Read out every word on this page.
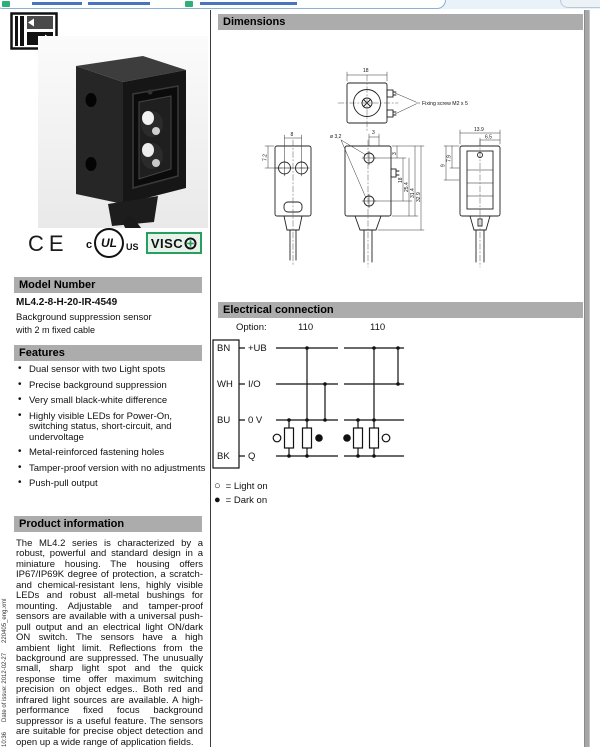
CE c UL US VISC
Model Number
ML4.2-8-H-20-IR-4549
Background suppression sensor
with 2 m fixed cable
Features
• Dual sensor with two Light spots
• Precise background suppression
• Very small black-white difference
• Highly visible LEDs for Power-On, switching status, short-circuit, and undervoltage
• Metal-reinforced fastening holes
• Tamper-proof version with no adjustments
• Push-pull output
Product information
The ML4.2 series is characterized by a robust, powerful and standard design in a miniature housing. The housing offers IP67/IP69K degree of protection, a scratch- and chemical-resistant lens, highly visible LEDs and robust all-metal bushings for mounting. Adjustable and tamper-proof sensors are available with a universal push-pull output and an electrical light ON/dark ON switch. The sensors have a high ambient light limit. Reflections from the background are suppressed. The unusually small, sharp light spot and the quick response time offer maximum switching precision on object edges.. Both red and infrared light sources are available. A high-performance fixed focus background suppressor is a useful feature. The sensors are suitable for precise object detection and open up a wide range of application fields.
10:36      Date of issue: 2012-02-27      220405_eng.xml
Dimensions
18
Fixing screw M2 x 5
8
7.2
ø 3,2
3
3
18
25.4
31.4 32.9
13.9
6.5
7.9
9
Electrical connection
Option:	110	110
BN
WH
BU
BK
+UB
I/O
0 V
Q
○ = Light on
● = Dark on
